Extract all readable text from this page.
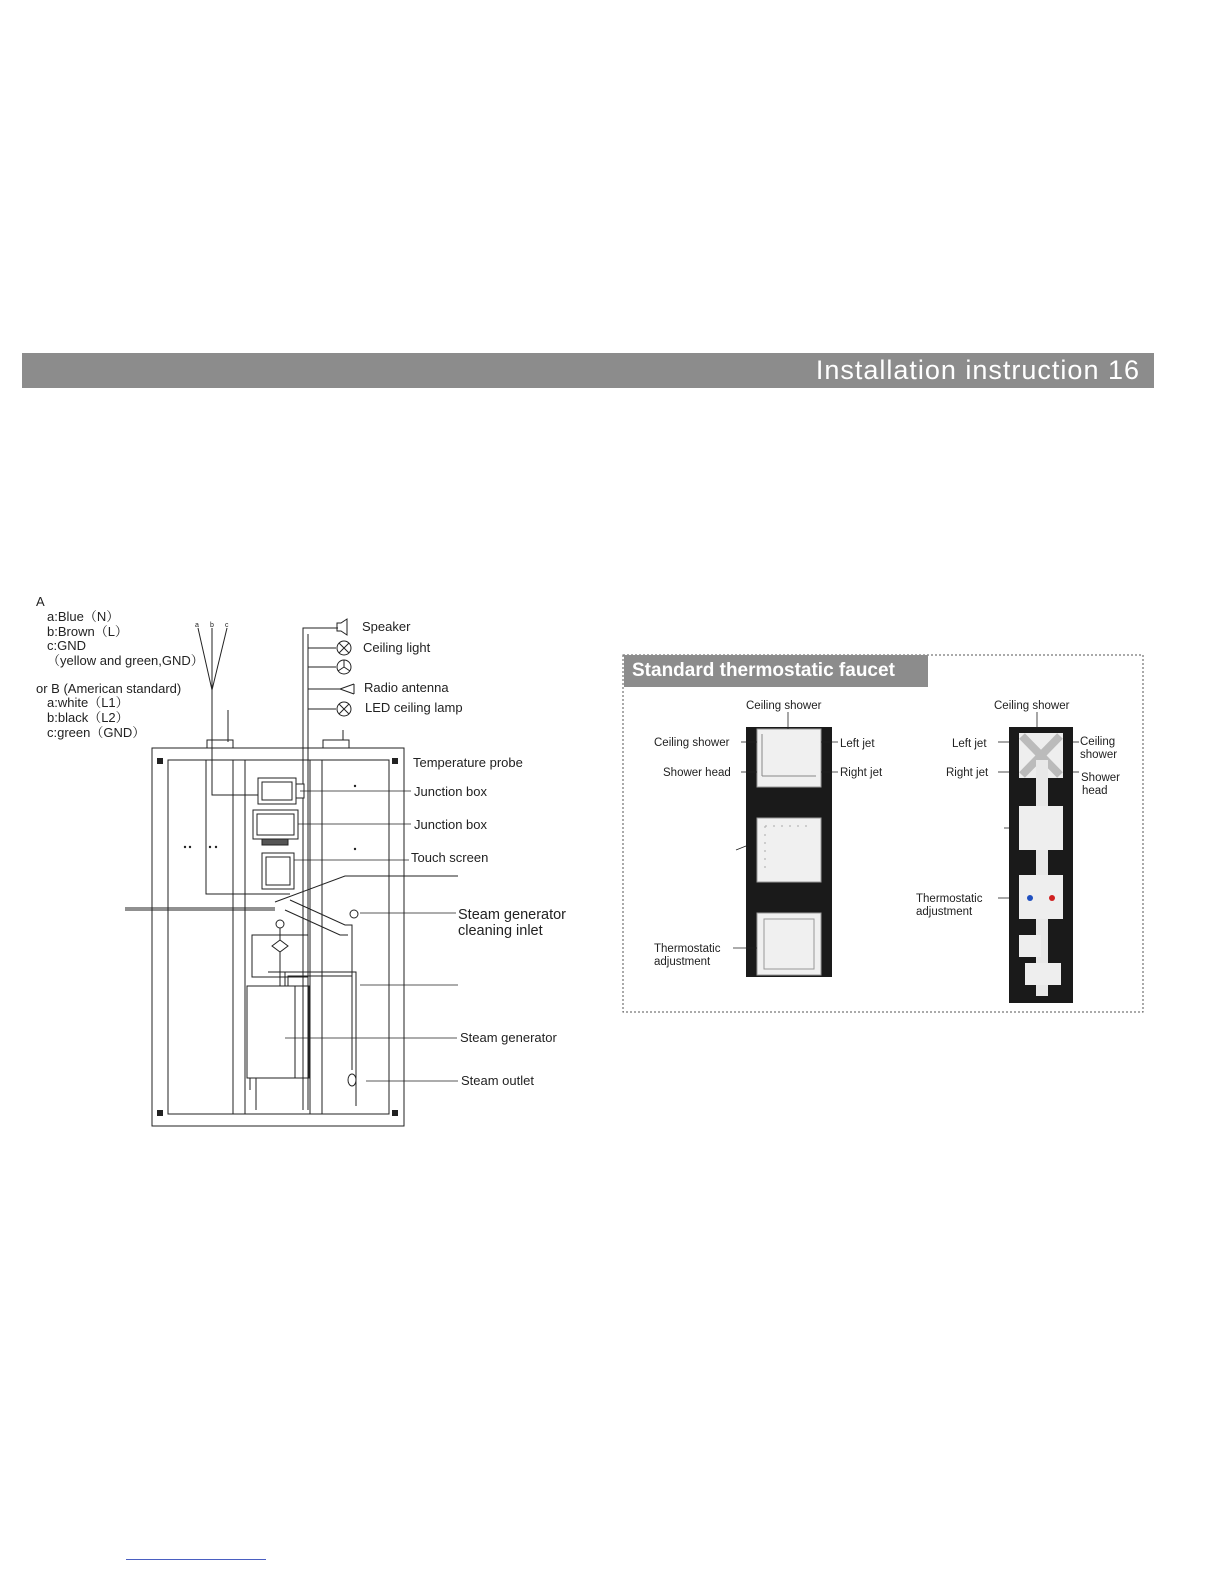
Installation instruction 16
A
a:Blue（N）
b:Brown（L）
c:GND
（yellow and green,GND）
or B (American standard)
a:white（L1）
b:black（L2）
c:green（GND）
a b c	Speaker
Ceiling light
Radio antenna
LED ceiling lamp
Temperature probe
Junction box
Junction box
Touch screen
Steam generator
Steam outlet
Steam generator
cleaning inlet
Ceiling shower
Ceiling shower
Shower head
Left jet
Right jet
Thermostatic
adjustment
Ceiling shower
Left jet
Right jet
Ceiling
shower
Shower
head
Thermostatic
adjustment
Standard thermostatic faucet
